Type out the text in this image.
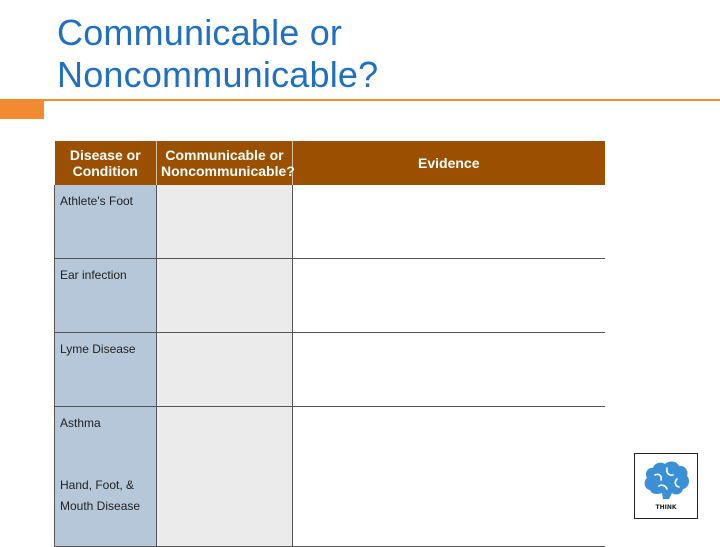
Communicable or
Noncommunicable?
Disease or Condition	Communicable or Noncommunicable?	Evidence

Athlete's Foot		

Ear infection		

Lyme Disease		

Asthma
Hand, Foot, & Mouth Disease		
			THINK
